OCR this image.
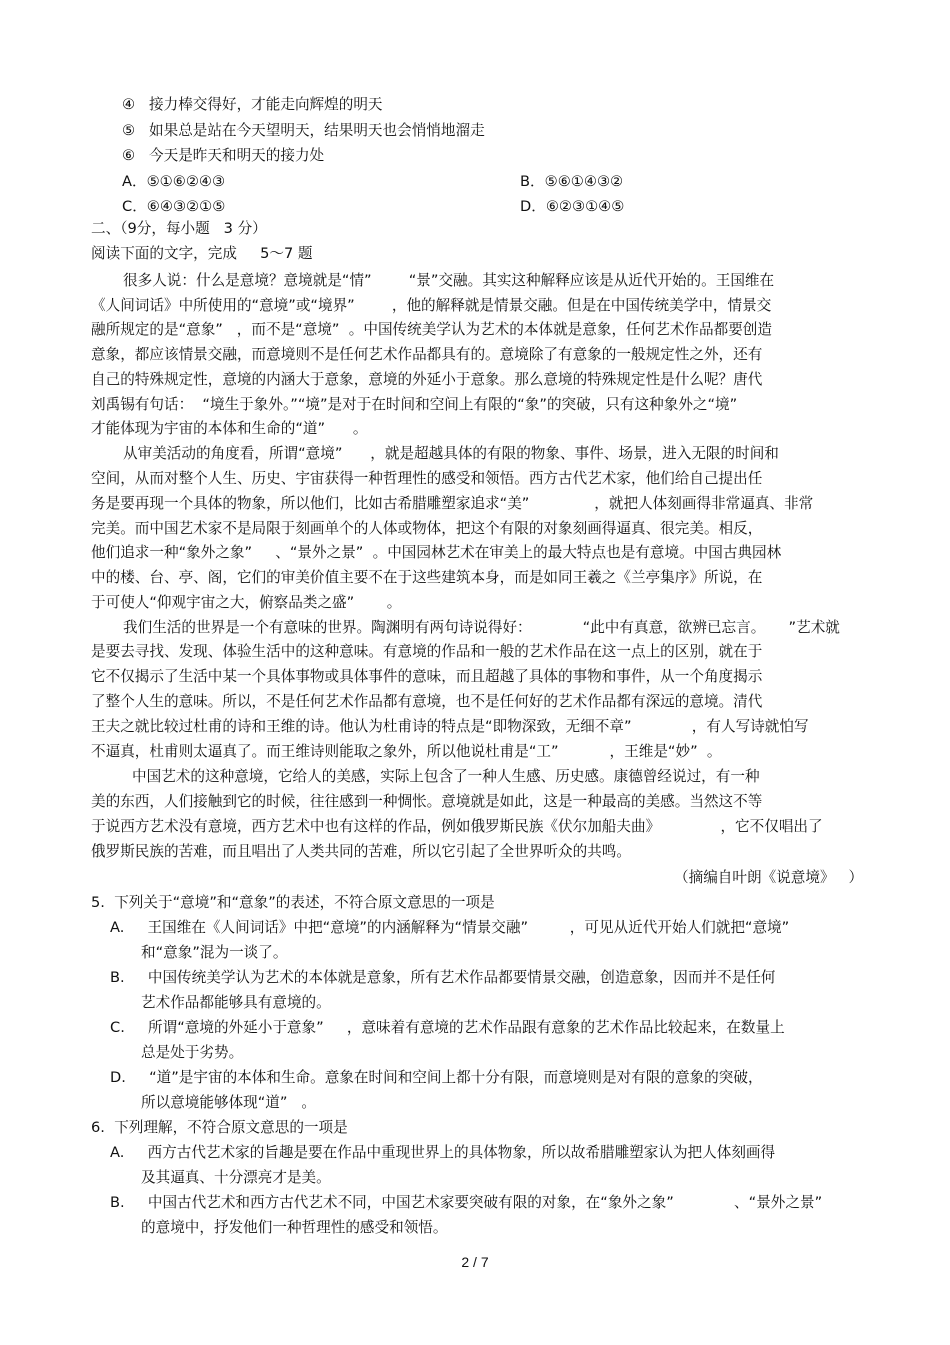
④   接力棒交得好，才能走向辉煌的明天
⑤   如果总是站在今天望明天，结果明天也会悄悄地溜走
⑥   今天是昨天和明天的接力处
A．⑤①⑥②④③	B．⑤⑥①④③②
C．⑥④③②①⑤	D．⑥②③①④⑤
二、（9分，每小题   3 分）
阅读下面的文字，完成     5～7 题
很多人说：什么是意境？意境就是“情”        “景”交融。其实这种解释应该是从近代开始的。王国维在
《人间词话》中所使用的“意境”或“境界”        ，他的解释就是情景交融。但是在中国传统美学中，情景交
融所规定的是“意象”   ，而不是“意境”  。中国传统美学认为艺术的本体就是意象，任何艺术作品都要创造
意象，都应该情景交融，而意境则不是任何艺术作品都具有的。意境除了有意象的一般规定性之外，还有
自己的特殊规定性，意境的内涵大于意象，意境的外延小于意象。那么意境的特殊规定性是什么呢？唐代
刘禹锡有句话：  “境生于象外。”“境”是对于在时间和空间上有限的“象”的突破，只有这种象外之“境”
才能体现为宇宙的本体和生命的“道”      。
从审美活动的角度看，所谓“意境”      ，就是超越具体的有限的物象、事件、场景，进入无限的时间和
空间，从而对整个人生、历史、宇宙获得一种哲理性的感受和领悟。西方古代艺术家，他们给自己提出任
务是要再现一个具体的物象，所以他们，比如古希腊雕塑家追求“美”              ，就把人体刻画得非常逼真、非常
完美。而中国艺术家不是局限于刻画单个的人体或物体，把这个有限的对象刻画得逼真、很完美。相反，
他们追求一种“象外之象”     、“景外之景”  。中国园林艺术在审美上的最大特点也是有意境。中国古典园林
中的楼、台、亭、阁，它们的审美价值主要不在于这些建筑本身，而是如同王羲之《兰亭集序》所说，在
于可使人“仰观宇宙之大，俯察品类之盛”       。
我们生活的世界是一个有意味的世界。陶渊明有两句诗说得好：           “此中有真意，欲辨已忘言。     ”艺术就
是要去寻找、发现、体验生活中的这种意味。有意境的作品和一般的艺术作品在这一点上的区别，就在于
它不仅揭示了生活中某一个具体事物或具体事件的意味，而且超越了具体的事物和事件，从一个角度揭示
了整个人生的意味。所以，不是任何艺术作品都有意境，也不是任何好的艺术作品都有深远的意境。清代
王夫之就比较过杜甫的诗和王维的诗。他认为杜甫诗的特点是“即物深致，无细不章”             ，有人写诗就怕写
不逼真，杜甫则太逼真了。而王维诗则能取之象外，所以他说杜甫是“工”           ，王维是“妙”  。
中国艺术的这种意境，它给人的美感，实际上包含了一种人生感、历史感。康德曾经说过，有一种
美的东西，人们接触到它的时候，往往感到一种惆怅。意境就是如此，这是一种最高的美感。当然这不等
于说西方艺术没有意境，西方艺术中也有这样的作品，例如俄罗斯民族《伏尔加船夫曲》             ，它不仅唱出了
俄罗斯民族的苦难，而且唱出了人类共同的苦难，所以它引起了全世界听众的共鸣。
（摘编自叶朗《说意境》   ）
5.  下列关于“意境”和“意象”的表述，不符合原文意思的一项是
A.     王国维在《人间词话》中把“意境”的内涵解释为“情景交融”         ，可见从近代开始人们就把“意境”
和“意象”混为一谈了。
B.     中国传统美学认为艺术的本体就是意象，所有艺术作品都要情景交融，创造意象，因而并不是任何
艺术作品都能够具有意境的。
C.     所谓“意境的外延小于意象”     ，意味着有意境的艺术作品跟有意象的艺术作品比较起来，在数量上
总是处于劣势。
D.     “道”是宇宙的本体和生命。意象在时间和空间上都十分有限，而意境则是对有限的意象的突破，
所以意境能够体现“道”   。
6.  下列理解，不符合原文意思的一项是
A.     西方古代艺术家的旨趣是要在作品中重现世界上的具体物象，所以故希腊雕塑家认为把人体刻画得
及其逼真、十分漂亮才是美。
B.     中国古代艺术和西方古代艺术不同，中国艺术家要突破有限的对象，在“象外之象”             、“景外之景”
的意境中，抒发他们一种哲理性的感受和领悟。
2 / 7
